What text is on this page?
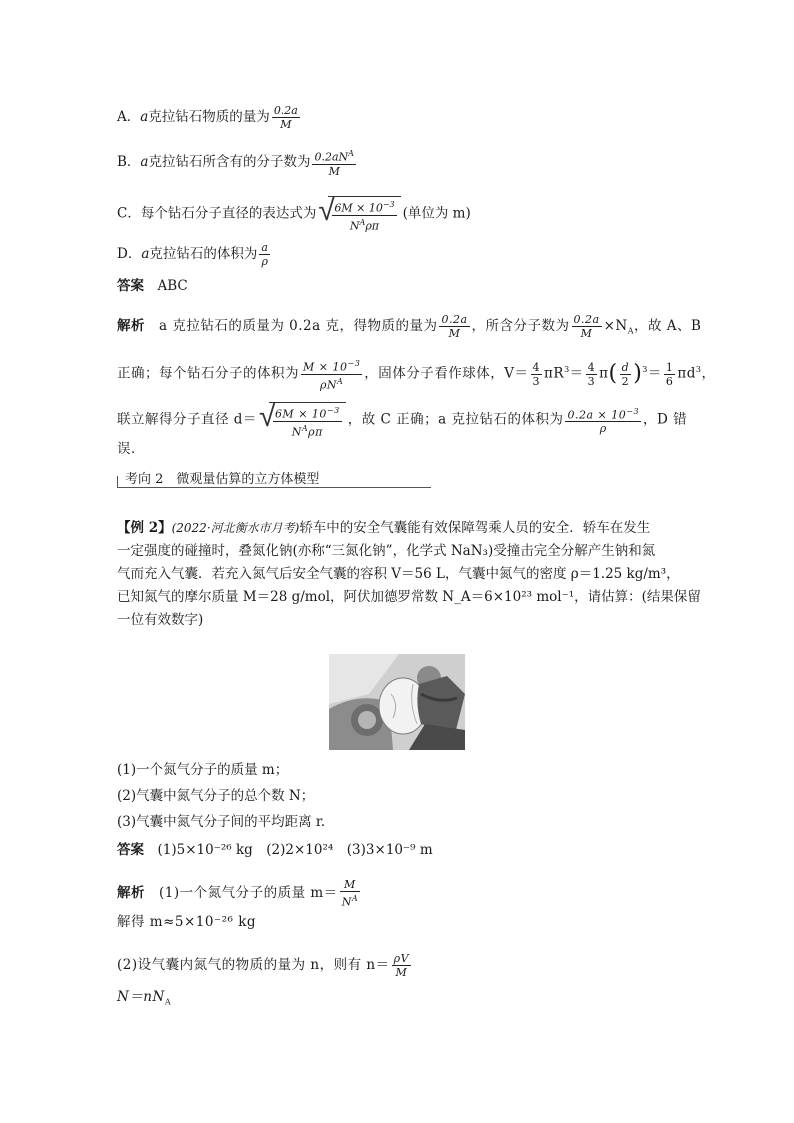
A．a克拉钻石物质的量为 $\frac{0.2a}{M}$
B．a克拉钻石所含有的分子数为 $\frac{0.2aN^A}{M}$
C．每个钻石分子直径的表达式为 √
$\frac{6M \times 10^{-3}}{N^A\rho\pi}$ (单位为 m)
D．a克拉钻石的体积为 $\frac{a}{\rho}$
答案　 ABC
解析　 a 克拉钻石的质量为 0.2a 克，得物质的量为 $\frac{0.2a}{M}$ ，所含分子数为 $\frac{0.2a}{M} \times N_A$，故 A、B
正确；每个钻石分子的体积为 $\frac{M \times 10^{-3}}{\rho N^A}$ ，固体分子看作球体，$V= \frac{4}{3} \pi R^3= \frac{4}{3} \pi( \frac{d}{2} )^3= \frac{1}{6} \pi d^3$，
联立解得分子直径 d＝ √
$\frac{6M \times 10^{-3}}{N^A\rho\pi}$ ，故 C 正确；a 克拉钻石的体积为 $\frac{0.2a \times 10^{-3}}{\rho}$ ，D 错
误．
考向 2　微观量估算的立方体模型
【例 2】(2022·河北衡水市月考)轿车中的安全气囊能有效保障驾乘人员的安全．轿车在发生
一定强度的碰撞时，叠氮化钠(亦称“三氮化钠”，化学式 NaN₃)受撞击完全分解产生钠和氮
气而充入气囊．若充入氮气后安全气囊的容积 V＝56 L，气囊中氮气的密度 ρ＝1.25 kg/m³，
已知氮气的摩尔质量 M＝28 g/mol，阿伏加德罗常数 N_A＝6×10²³ mol⁻¹，请估算：(结果保留
一位有效数字)
(1)一个氮气分子的质量 m；
(2)气囊中氮气分子的总个数 N；
(3)气囊中氮气分子间的平均距离 r.
答案　 (1)5×10⁻²⁶ kg　(2)2×10²⁴　(3)3×10⁻⁹ m
解析　 (1)一个氮气分子的质量 $m= \frac{M}{N^A}$
解得 m≈5×10⁻²⁶ kg
(2)设气囊内氮气的物质的量为 n，则有 $n= \frac{\rho V}{M}$
$N=nN_A$
